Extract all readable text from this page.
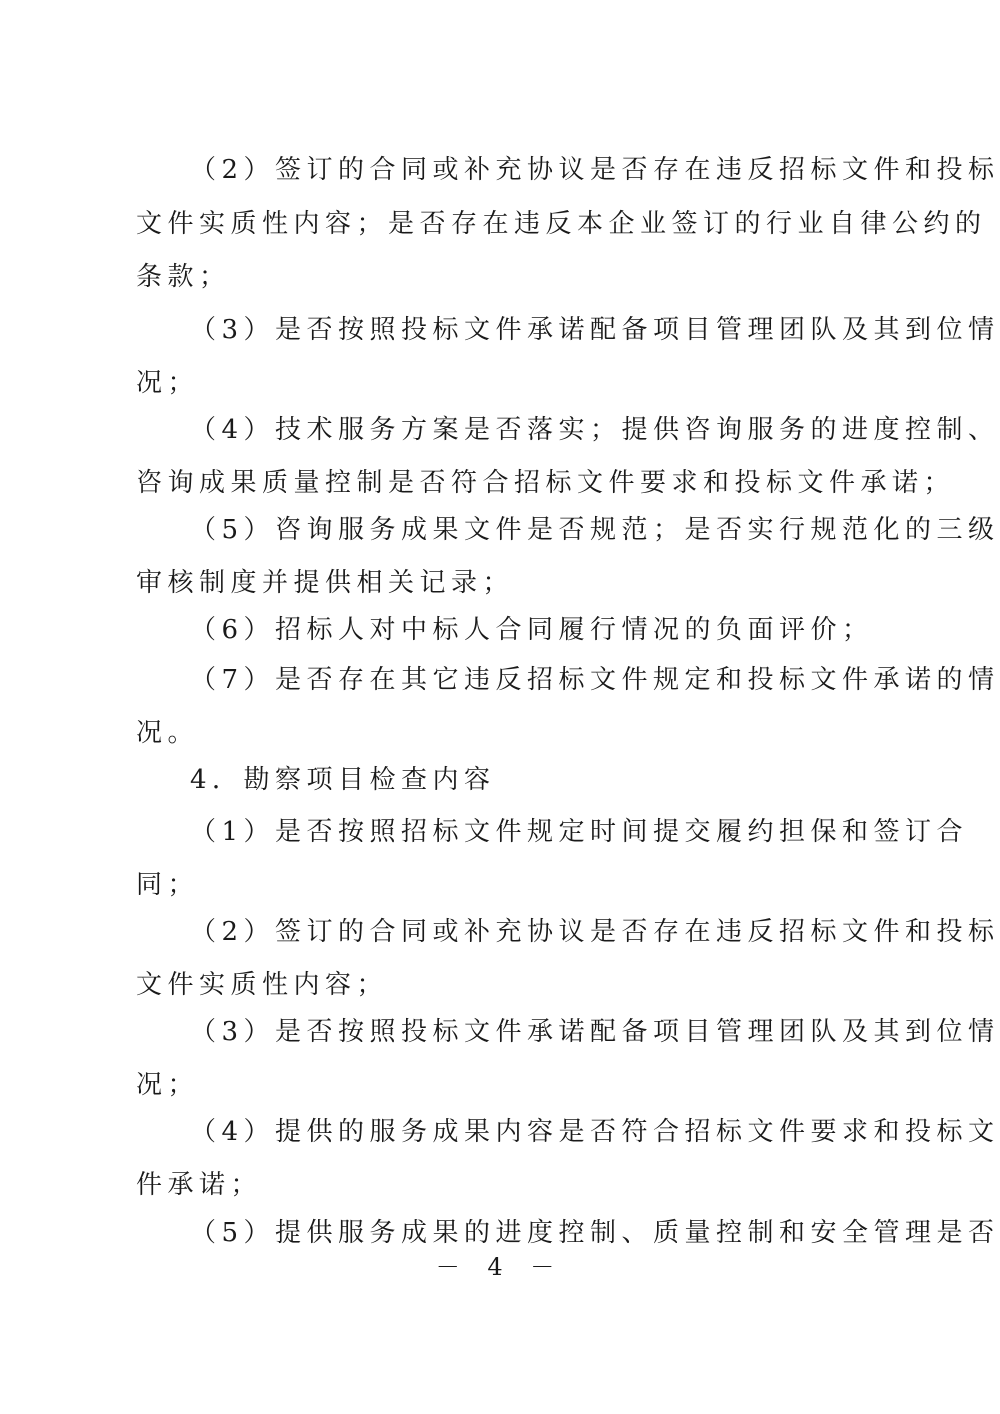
（2）签订的合同或补充协议是否存在违反招标文件和投标
文件实质性内容；是否存在违反本企业签订的行业自律公约的
条款；
（3）是否按照投标文件承诺配备项目管理团队及其到位情
况；
（4）技术服务方案是否落实；提供咨询服务的进度控制、
咨询成果质量控制是否符合招标文件要求和投标文件承诺；
（5）咨询服务成果文件是否规范；是否实行规范化的三级
审核制度并提供相关记录；
（6）招标人对中标人合同履行情况的负面评价；
（7）是否存在其它违反招标文件规定和投标文件承诺的情
况。
4．勘察项目检查内容
（1）是否按照招标文件规定时间提交履约担保和签订合
同；
（2）签订的合同或补充协议是否存在违反招标文件和投标
文件实质性内容；
（3）是否按照投标文件承诺配备项目管理团队及其到位情
况；
（4）提供的服务成果内容是否符合招标文件要求和投标文
件承诺；
（5）提供服务成果的进度控制、质量控制和安全管理是否
－ 4 －
